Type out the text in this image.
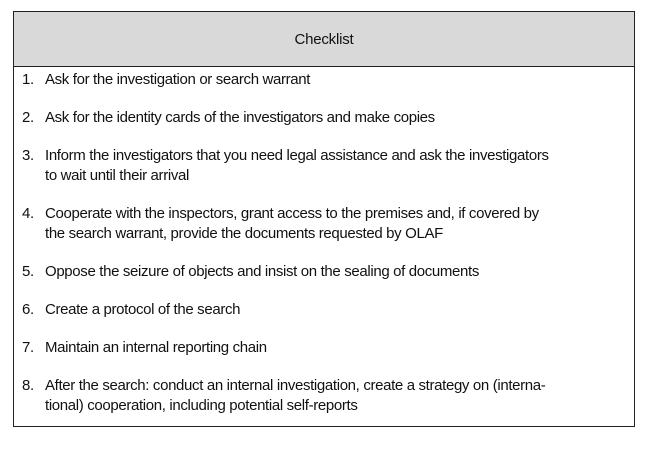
Checklist
1. Ask for the investigation or search warrant
2. Ask for the identity cards of the investigators and make copies
3. Inform the investigators that you need legal assistance and ask the investigators
to wait until their arrival
4. Cooperate with the inspectors, grant access to the premises and, if covered by
the search warrant, provide the documents requested by OLAF
5. Oppose the seizure of objects and insist on the sealing of documents
6. Create a protocol of the search
7. Maintain an internal reporting chain
8. After the search: conduct an internal investigation, create a strategy on (interna-
tional) cooperation, including potential self-reports
